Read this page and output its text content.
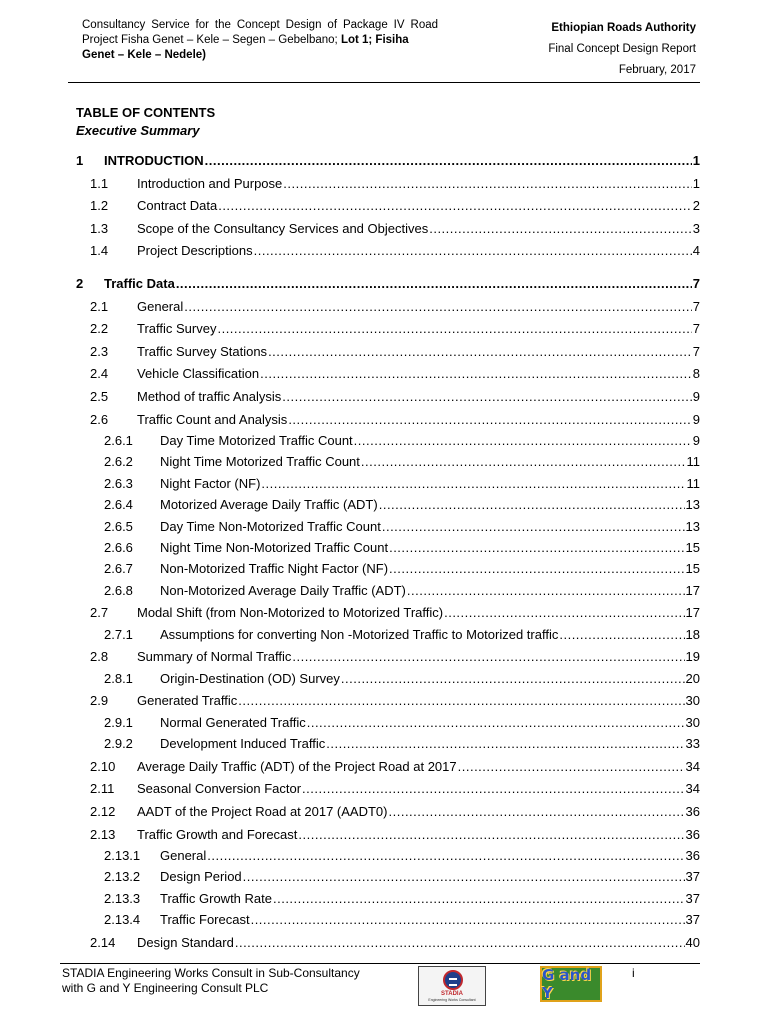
Consultancy Service for the Concept Design of Package IV Road Project Fisha Genet – Kele – Segen – Gebelbano; Lot 1; Fisiha
Genet – Kele – Nedele)
Ethiopian Roads Authority
Final Concept Design Report
February, 2017
TABLE OF CONTENTS
Executive Summary
1 INTRODUCTION .....	1
1.1 Introduction and Purpose .....	1
1.2 Contract Data .....	2
1.3 Scope of the Consultancy Services and Objectives .....	3
1.4 Project Descriptions .....	4
2 Traffic Data .....	7
2.1 General .....	7
2.2 Traffic Survey .....	7
2.3 Traffic Survey Stations .....	7
2.4 Vehicle Classification .....	8
2.5 Method of traffic Analysis .....	9
2.6 Traffic Count and Analysis .....	9
2.6.1 Day Time Motorized Traffic Count .....	9
2.6.2 Night Time Motorized Traffic Count .....	11
2.6.3 Night Factor (NF) .....	11
2.6.4 Motorized Average Daily Traffic (ADT) .....	13
2.6.5 Day Time Non-Motorized Traffic Count .....	13
2.6.6 Night Time Non-Motorized Traffic Count .....	15
2.6.7 Non-Motorized Traffic Night Factor (NF) .....	15
2.6.8 Non-Motorized Average Daily Traffic (ADT) .....	17
2.7 Modal Shift (from Non-Motorized to Motorized Traffic) .....	17
2.7.1 Assumptions for converting Non -Motorized Traffic to Motorized traffic .....	18
2.8 Summary of Normal Traffic .....	19
2.8.1 Origin-Destination (OD) Survey .....	20
2.9 Generated Traffic .....	30
2.9.1 Normal Generated Traffic .....	30
2.9.2 Development Induced Traffic .....	33
2.10 Average Daily Traffic (ADT) of the Project Road at 2017 .....	34
2.11 Seasonal Conversion Factor .....	34
2.12 AADT of the Project Road at 2017 (AADT0) .....	36
2.13 Traffic Growth and Forecast .....	36
2.13.1 General .....	36
2.13.2 Design Period .....	37
2.13.3 Traffic Growth Rate .....	37
2.13.4 Traffic Forecast .....	37
2.14 Design Standard .....	40
STADIA Engineering Works Consult in Sub-Consultancy
with G and Y Engineering Consult PLC	STADIA
Engineering Works Consultant
G and Y
i
